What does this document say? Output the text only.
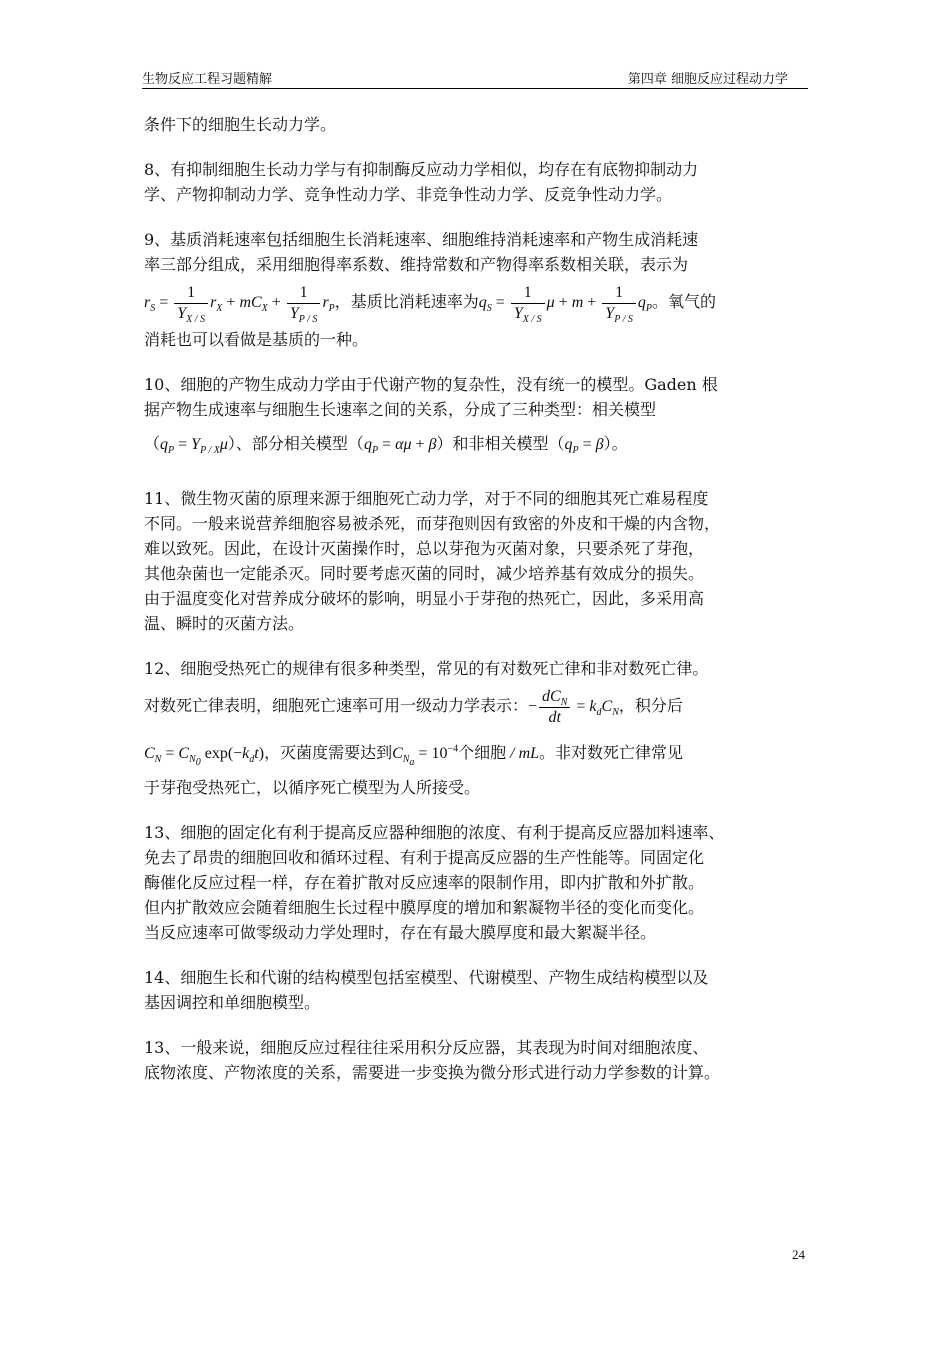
生物反应工程习题精解	第四章 细胞反应过程动力学

条件下的细胞生长动力学。

8、有抑制细胞生长动力学与有抑制酶反应动力学相似，均存在有底物抑制动力
学、产物抑制动力学、竞争性动力学、非竞争性动力学、反竞争性动力学。

9、基质消耗速率包括细胞生长消耗速率、细胞维持消耗速率和产物生成消耗速
率三部分组成，采用细胞得率系数、维持常数和产物得率系数相关联，表示为
$r_S = \frac{1}{Y_{X / S}} r_X + mC_X + \frac{1}{Y_{P / S}} r_P$，基质比消耗速率为$q_S = \frac{1}{Y_{X / S}}$ $\mu + m + \frac{1}{Y_{P / S}} q_P$。氧气的
消耗也可以看做是基质的一种。
10、细胞的产物生成动力学由于代谢产物的复杂性，没有统一的模型。Gaden 根
据产物生成速率与细胞生长速率之间的关系，分成了三种类型：相关模型
$(q_P = Y_{P / X}\mu)$、部分相关模型$(q_P = \alpha\mu + \beta)$和非相关模型$(q_P = \beta)$。

11、微生物灭菌的原理来源于细胞死亡动力学，对于不同的细胞其死亡难易程度
不同。一般来说营养细胞容易被杀死，而芽孢则因有致密的外皮和干燥的内含物，
难以致死。因此，在设计灭菌操作时，总以芽孢为灭菌对象，只要杀死了芽孢，
其他杂菌也一定能杀灭。同时要考虑灭菌的同时，减少培养基有效成分的损失。
由于温度变化对营养成分破坏的影响，明显小于芽孢的热死亡，因此，多采用高
温、瞬时的灭菌方法。

12、细胞受热死亡的规律有很多种类型，常见的有对数死亡律和非对数死亡律。
对数死亡律表明，细胞死亡速率可用一级动力学表示：− $\frac{dC_N}{dt} = k_dC_N$，积分后
$C_N = C_{N_0}$ $\exp(-k_dt)$，灭菌度需要达到$C_{N_a} = 10^{-4}$个细胞 / mL。非对数死亡律常见
于芽孢受热死亡，以循序死亡模型为人所接受。

13、细胞的固定化有利于提高反应器种细胞的浓度、有利于提高反应器加料速率、
免去了昂贵的细胞回收和循环过程、有利于提高反应器的生产性能等。同固定化
酶催化反应过程一样，存在着扩散对反应速率的限制作用，即内扩散和外扩散。
但内扩散效应会随着细胞生长过程中膜厚度的增加和絮凝物半径的变化而变化。
当反应速率可做零级动力学处理时，存在有最大膜厚度和最大絮凝半径。

14、细胞生长和代谢的结构模型包括室模型、代谢模型、产物生成结构模型以及
基因调控和单细胞模型。

13、一般来说，细胞反应过程往往采用积分反应器，其表现为时间对细胞浓度、
底物浓度、产物浓度的关系，需要进一步变换为微分形式进行动力学参数的计算。

24
